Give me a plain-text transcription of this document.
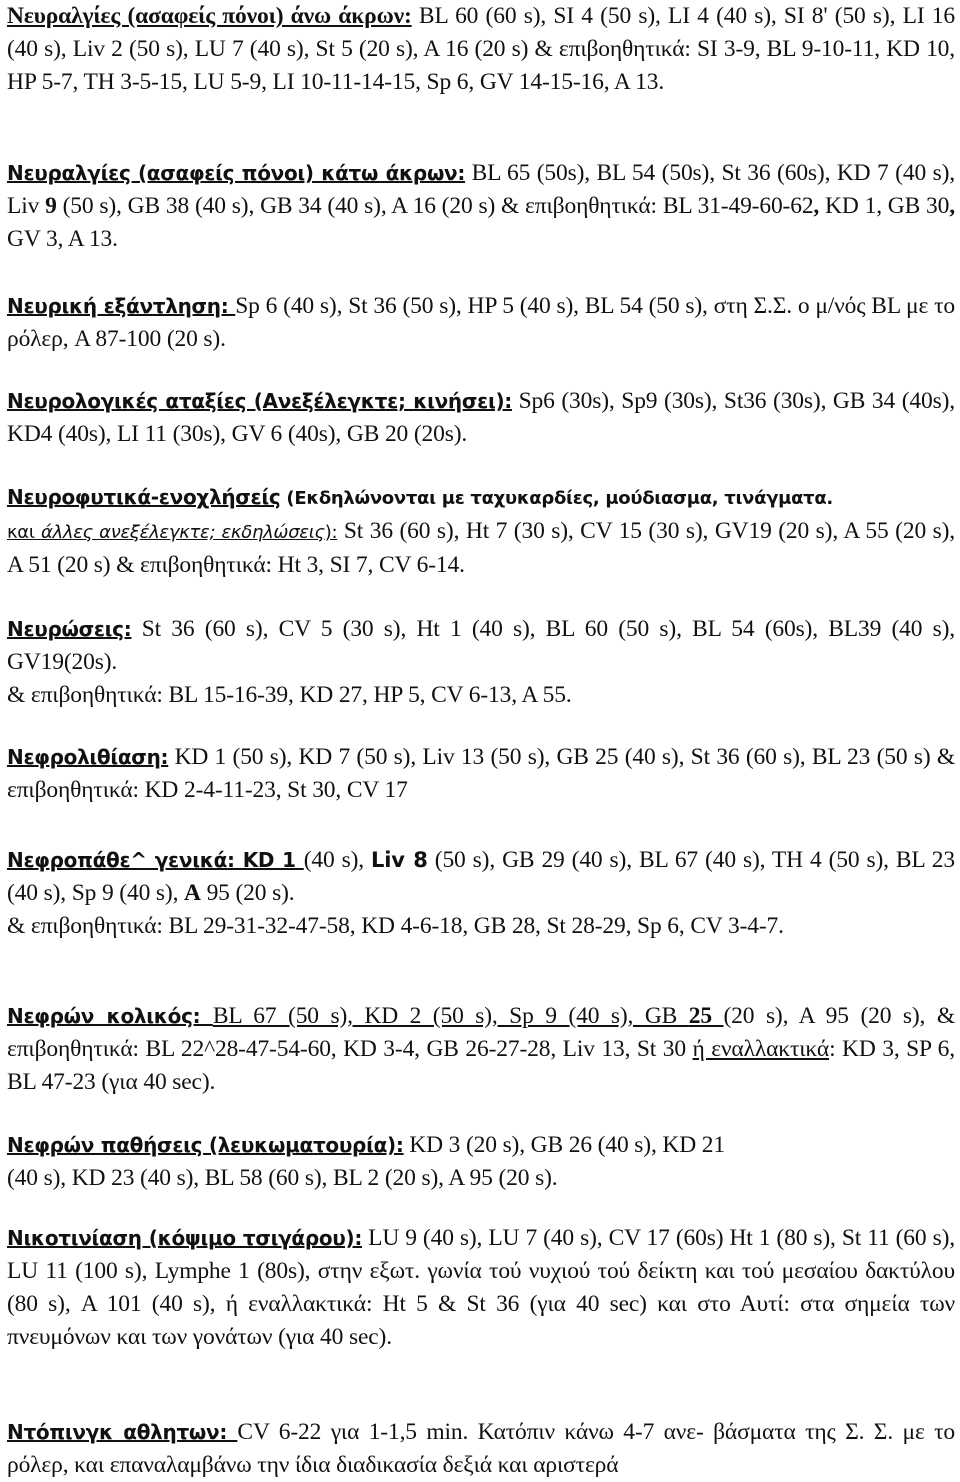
Νευραλγίες (ασαφείς πόνοι) άνω άκρων: BL 60 (60 s), SI 4 (50 s), LI 4 (40 s), SI 8' (50 s), LI 16 (40 s), Liv 2 (50 s), LU 7 (40 s), St 5 (20 s), A 16 (20 s) & επιβοηθητικά: SI 3-9, BL 9-10-11, KD 10, HP 5-7, TH 3-5-15, LU 5-9, LI 10-11-14-15, Sp 6, GV 14-15-16, A 13.

Νευραλγίες (ασαφείς πόνοι) κάτω άκρων: BL 65 (50s), BL 54 (50s), St 36 (60s), KD 7 (40 s), Liv 9 (50 s), GB 38 (40 s), GB 34 (40 s), A 16 (20 s) & επιβοηθητικά: BL 31-49-60-62, KD 1, GB 30, GV 3, A 13.

Νευρική εξάντληση: Sp 6 (40 s), St 36 (50 s), HP 5 (40 s), BL 54 (50 s), στη Σ.Σ. ο μ/νός BL με το ρόλερ, A 87-100 (20 s).

Νευρολογικές αταξίες (Ανεξέλεγκτε; κινήσει): Sp6 (30s), Sp9 (30s), St36 (30s), GB 34 (40s), KD4 (40s), LI 11 (30s), GV 6 (40s), GB 20 (20s).

Νευροφυτικά-ενοχλήσείς (Εκδηλώνονται με ταχυκαρδίες, μούδιασμα, τινάγματα.

και άλλες ανεξέλεγκτε; εκδηλώσεις): St 36 (60 s), Ht 7 (30 s), CV 15 (30 s), GV19 (20 s), A 55 (20 s), A 51 (20 s) & επιβοηθητικά: Ht 3, SI 7, CV 6-14.

Νευρώσεις: St 36 (60 s), CV 5 (30 s), Ht 1 (40 s), BL 60 (50 s), BL 54 (60s), BL39 (40 s), GV19(20s).

& επιβοηθητικά: BL 15-16-39, KD 27, HP 5, CV 6-13, A 55.

Νεφρολιθίαση: KD 1 (50 s), KD 7 (50 s), Liv 13 (50 s), GB 25 (40 s), St 36 (60 s), BL 23 (50 s) & επιβοηθητικά: KD 2-4-11-23, St 30, CV 17

Νεφροπάθε^ γενικά: KD 1 (40 s), Liv 8 (50 s), GB 29 (40 s), BL 67 (40 s), TH 4 (50 s), BL 23 (40 s), Sp 9 (40 s), A 95 (20 s).

& επιβοηθητικά: BL 29-31-32-47-58, KD 4-6-18, GB 28, St 28-29, Sp 6, CV 3-4-7.

Νεφρών κολικός: BL 67 (50 s), KD 2 (50 s), Sp 9 (40 s), GB 25 (20 s), A 95 (20 s), & επιβοηθητικά: BL 22^28-47-54-60, KD 3-4, GB 26-27-28, Liv 13, St 30 ή εναλλακτικά: KD 3, SP 6, BL 47-23 (για 40 sec).

Νεφρών παθήσεις (λευκωματουρία): KD 3 (20 s), GB 26 (40 s), KD 21

(40 s), KD 23 (40 s), BL 58 (60 s), BL 2 (20 s), A 95 (20 s).

Νικοτινίαση (κόψιμο τσιγάρου): LU 9 (40 s), LU 7 (40 s), CV 17 (60s) Ht 1 (80 s), St 11 (60 s), LU 11 (100 s), Lymphe 1 (80s), στην εξωτ. γωνία τού νυχιού τού δείκτη και τού μεσαίου δακτύλου (80 s), A 101 (40 s), ή εναλλακτικά: Ht 5 & St 36 (για 40 sec) και στο Αυτί: στα σημεία των πνευμόνων και των γονάτων (για 40 sec).

Ντόπινγκ αθλητων: CV 6-22 για 1-1,5 min. Κατόπιν κάνω 4-7 ανε- βάσματα της Σ. Σ. με το ρόλερ, και επαναλαμβάνω την ίδια διαδικασία δεξιά και αριστερά
